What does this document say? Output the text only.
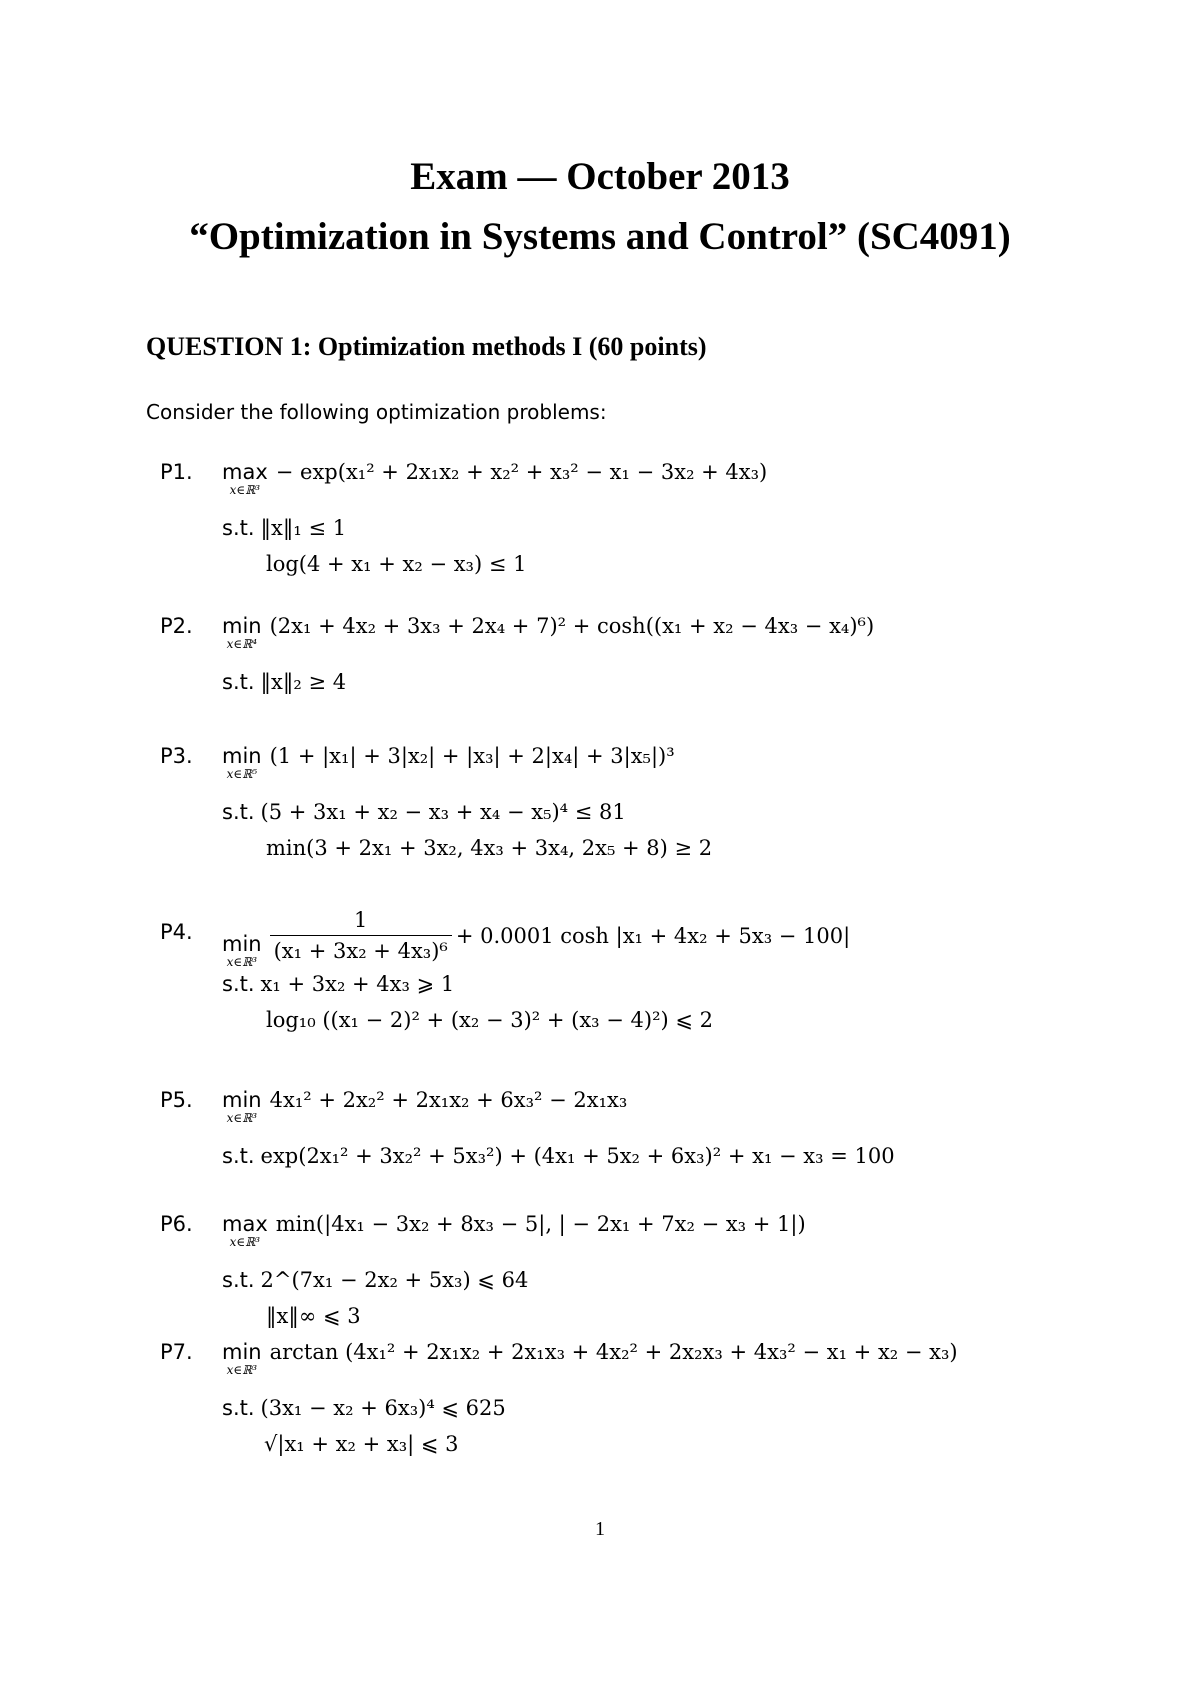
Exam — October 2013
“Optimization in Systems and Control” (SC4091)
QUESTION 1: Optimization methods I (60 points)
Consider the following optimization problems:
P1. max
x∈ℝ³
− exp(x₁² + 2x₁x₂ + x₂² + x₃² − x₁ − 3x₂ + 4x₃)
s.t. ‖x‖₁ ≤ 1
log(4 + x₁ + x₂ − x₃) ≤ 1
P2. min
x∈ℝ⁴
(2x₁ + 4x₂ + 3x₃ + 2x₄ + 7)² + cosh((x₁ + x₂ − 4x₃ − x₄)⁶)
s.t. ‖x‖₂ ≥ 4
P3. min
x∈ℝ⁵
(1 + |x₁| + 3|x₂| + |x₃| + 2|x₄| + 3|x₅|)³
s.t. (5 + 3x₁ + x₂ − x₃ + x₄ − x₅)⁴ ≤ 81
min(3 + 2x₁ + 3x₂, 4x₃ + 3x₄, 2x₅ + 8) ≥ 2
P4. min
x∈ℝ³ $\frac{1}{\text{(x₁ + 3x₂ + 4x₃)⁶}} + 0.0001$ cosh |x₁ + 4x₂ + 5x₃ − 100|
s.t. x₁ + 3x₂ + 4x₃ ⩾ 1
log₁₀ ((x₁ − 2)² + (x₂ − 3)² + (x₃ − 4)²) ⩽ 2
P5. min
x∈ℝ³
4x₁² + 2x₂² + 2x₁x₂ + 6x₃² − 2x₁x₃
s.t. exp(2x₁² + 3x₂² + 5x₃²) + (4x₁ + 5x₂ + 6x₃)² + x₁ − x₃ = 100
P6. max
x∈ℝ³
min(|4x₁ − 3x₂ + 8x₃ − 5|, | − 2x₁ + 7x₂ − x₃ + 1|)
s.t. 2^(7x₁ − 2x₂ + 5x₃) ⩽ 64
‖x‖∞ ⩽ 3
P7. min
x∈ℝ³
arctan (4x₁² + 2x₁x₂ + 2x₁x₃ + 4x₂² + 2x₂x₃ + 4x₃² − x₁ + x₂ − x₃)
s.t. (3x₁ − x₂ + 6x₃)⁴ ⩽ 625
√|x₁ + x₂ + x₃| ⩽ 3
1
